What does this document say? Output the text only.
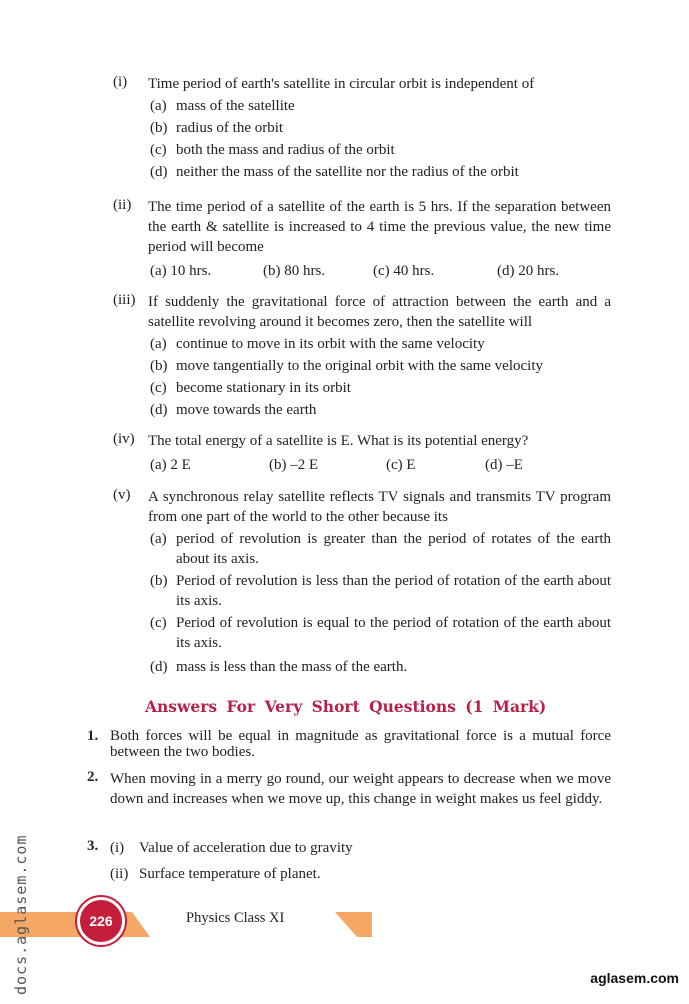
(i) Time period of earth's satellite in circular orbit is independent of
(a) mass of the satellite
(b) radius of the orbit
(c) both the mass and radius of the orbit
(d) neither the mass of the satellite nor the radius of the orbit
(ii) The time period of a satellite of the earth is 5 hrs. If the separation between the earth & satellite is increased to 4 time the previous value, the new time period will become
(a) 10 hrs.	(b) 80 hrs.	(c) 40 hrs.	(d) 20 hrs.
(iii) If suddenly the gravitational force of attraction between the earth and a satellite revolving around it becomes zero, then the satellite will
(a) continue to move in its orbit with the same velocity
(b) move tangentially to the original orbit with the same velocity
(c) become stationary in its orbit
(d) move towards the earth
(iv) The total energy of a satellite is E. What is its potential energy?
(a) 2 E	(b) –2 E	(c) E	(d) –E
(v) A synchronous relay satellite reflects TV signals and transmits TV program from one part of the world to the other because its
(a) period of revolution is greater than the period of rotates of the earth about its axis.
(b) Period of revolution is less than the period of rotation of the earth about its axis.
(c) Period of revolution is equal to the period of rotation of the earth about its axis.
(d) mass is less than the mass of the earth.
Answers For Very Short Questions (1 Mark)
1. Both forces will be equal in magnitude as gravitational force is a mutual force between the two bodies.
2. When moving in a merry go round, our weight appears to decrease when we move down and increases when we move up, this change in weight makes us feel giddy.
3. (i) Value of acceleration due to gravity
(ii) Surface temperature of planet.
226	Physics Class XI
docs.aglasem.com	aglasem.com
